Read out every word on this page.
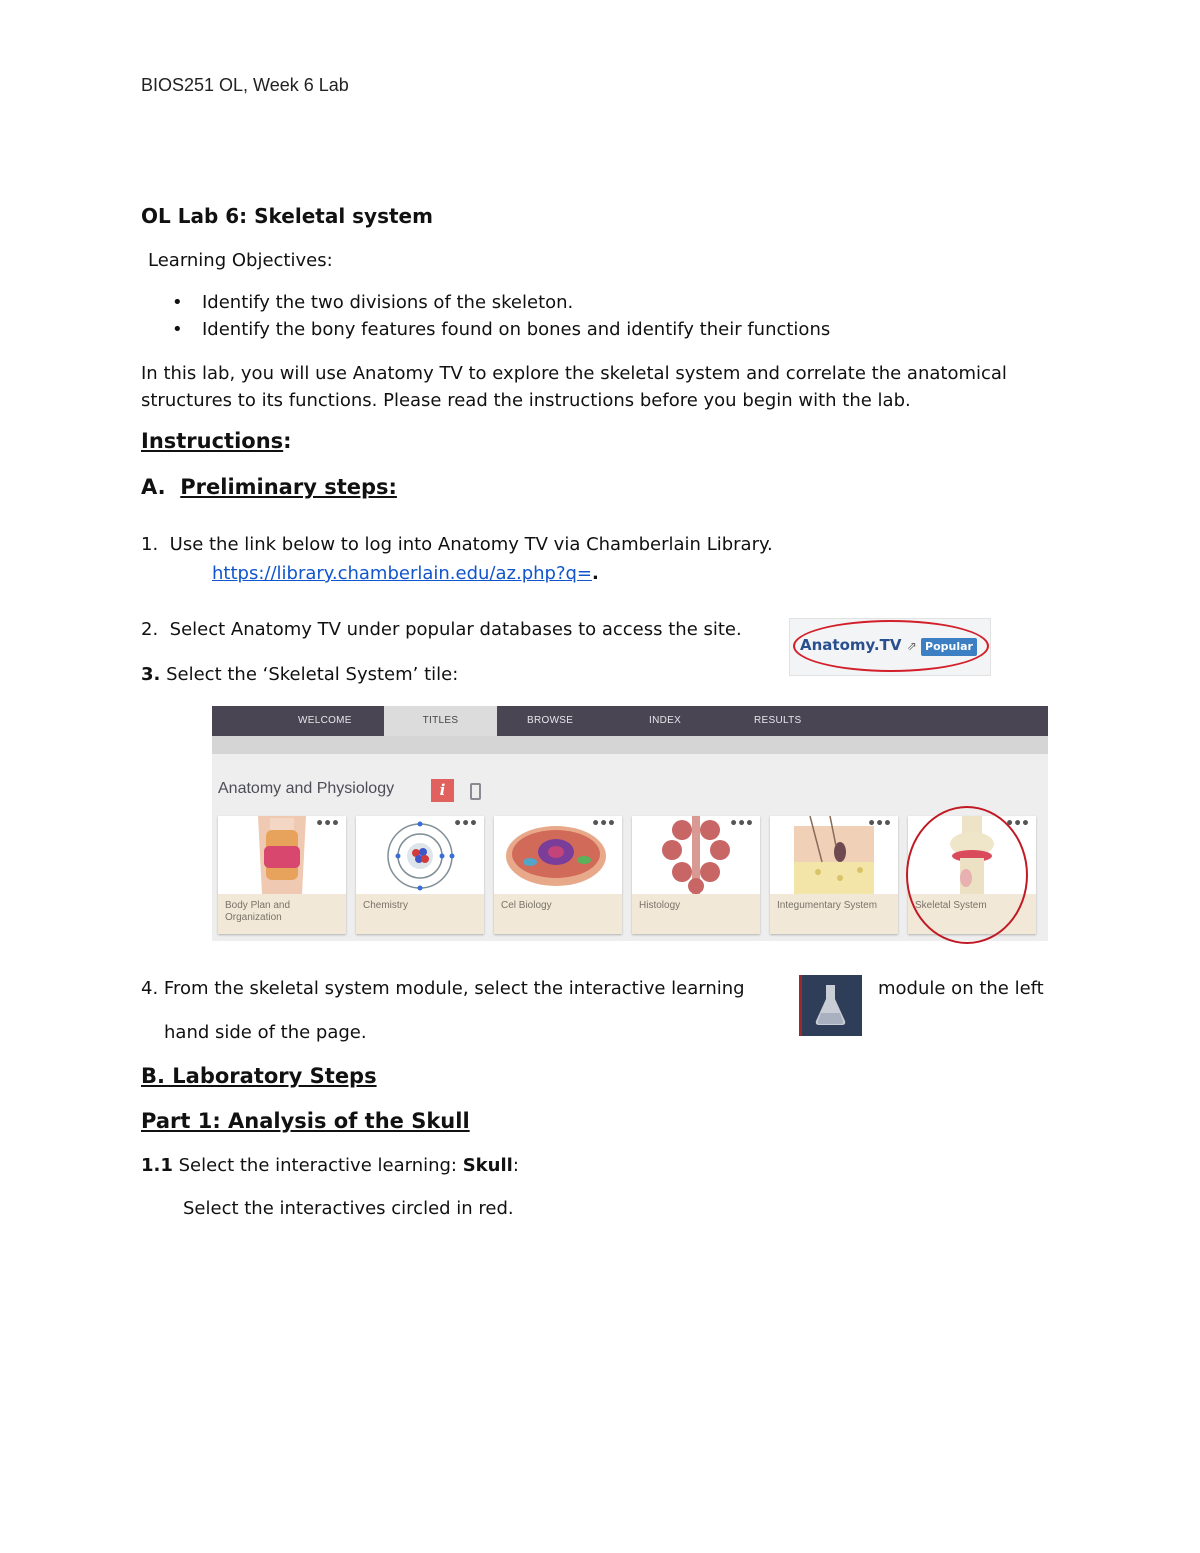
BIOS251 OL, Week 6 Lab
OL Lab 6: Skeletal system
Learning Objectives:
• Identify the two divisions of the skeleton.
• Identify the bony features found on bones and identify their functions
In this lab, you will use Anatomy TV to explore the skeletal system and correlate the anatomical structures to its functions. Please read the instructions before you begin with the lab.
Instructions:
A. Preliminary steps:
1. Use the link below to log into Anatomy TV via Chamberlain Library.
https://library.chamberlain.edu/az.php?q=.
2. Select Anatomy TV under popular databases to access the site.
Anatomy.TV ⇗ Popular
3. Select the ‘Skeletal System’ tile:
WELCOME	TITLES	BROWSE	INDEX	RESULTS
Anatomy and Physiology	i
Body Plan and Organization
•••
Chemistry
•••
Cel Biology
•••
Histology
•••
Integumentary System
•••
Skeletal System
•••
4. From the skeletal system module, select the interactive learning	module on the left
hand side of the page.
B. Laboratory Steps
Part 1: Analysis of the Skull
1.1 Select the interactive learning: Skull:
Select the interactives circled in red.
